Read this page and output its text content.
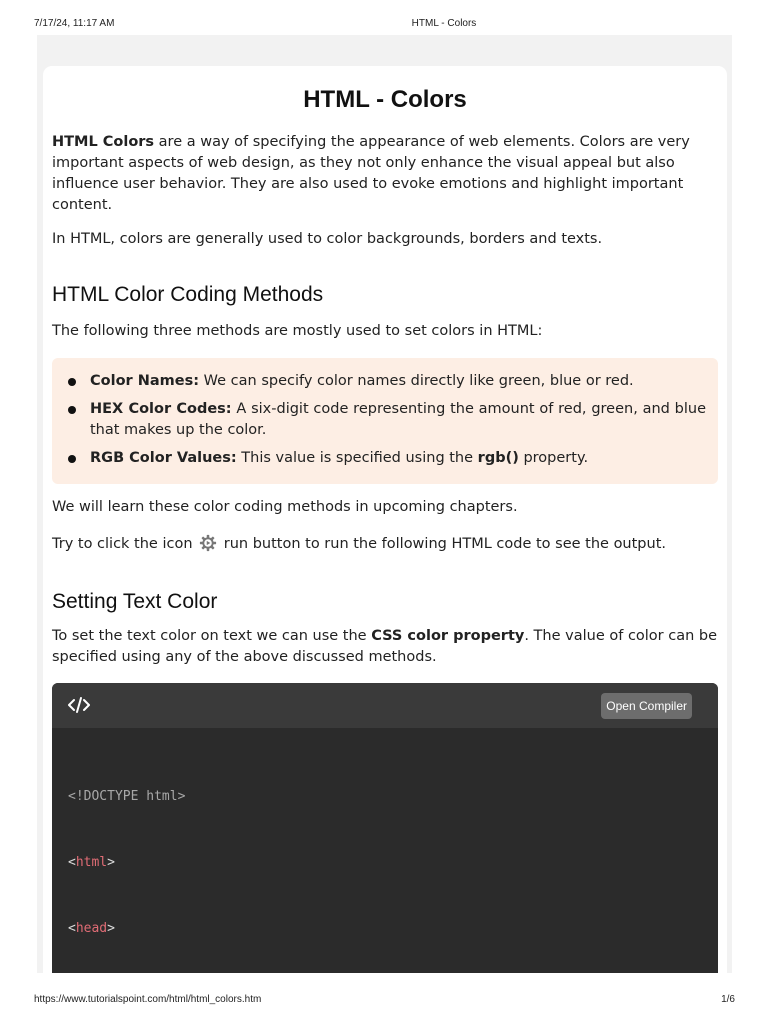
7/17/24, 11:17 AM	HTML - Colors
HTML - Colors

HTML Colors are a way of specifying the appearance of web elements. Colors are very important aspects of web design, as they not only enhance the visual appeal but also influence user behavior. They are also used to evoke emotions and highlight important content.

In HTML, colors are generally used to color backgrounds, borders and texts.

HTML Color Coding Methods

The following three methods are mostly used to set colors in HTML:

Color Names: We can specify color names directly like green, blue or red.
HEX Color Codes: A six-digit code representing the amount of red, green, and blue that makes up the color.
RGB Color Values: This value is specified using the rgb() property.

We will learn these color coding methods in upcoming chapters.

Try to click the icon  run button to run the following HTML code to see the output.

Setting Text Color

To set the text color on text we can use the CSS color property. The value of color can be specified using any of the above discussed methods.

Open Compiler

<!DOCTYPE html>

<html>

<head>

https://www.tutorialspoint.com/html/html_colors.htm	1/6
